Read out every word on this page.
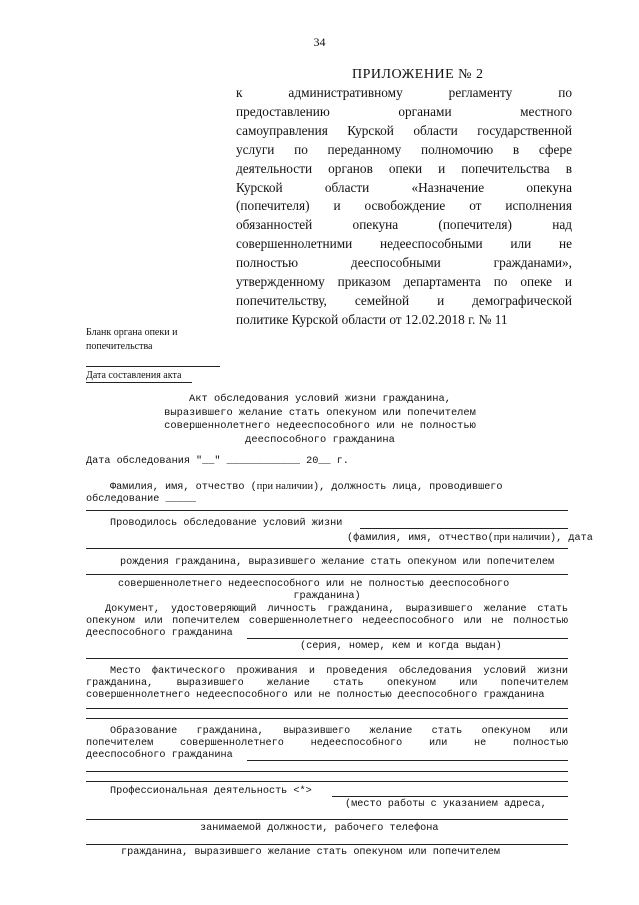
34
ПРИЛОЖЕНИЕ № 2
к административному регламенту по
предоставлению органами местного
самоуправления Курской области государственной
услуги по переданному полномочию в сфере
деятельности органов опеки и попечительства в
Курской области «Назначение опекуна
(попечителя) и освобождение от исполнения
обязанностей опекуна (попечителя) над
совершеннолетними недееспособными или не
полностью дееспособными гражданами»,
утвержденному приказом департамента по опеке и
попечительству, семейной и демографической
политике Курской области от 12.02.2018 г. № 11
Бланк органа опеки и
попечительства
Дата составления акта
Акт обследования условий жизни гражданина,
выразившего желание стать опекуном или попечителем
совершеннолетнего недееспособного или не полностью
дееспособного гражданина
Дата обследования "__" ____________ 20__ г.
Фамилия, имя, отчество (при наличии), должность лица, проводившего
обследование _____
Проводилось обследование условий жизни
(фамилия, имя, отчество(при наличии), дата
рождения гражданина, выразившего желание стать опекуном или попечителем
совершеннолетнего недееспособного или не полностью дееспособного
гражданина)
Документ, удостоверяющий личность гражданина, выразившего желание стать
опекуном или попечителем совершеннолетнего недееспособного или не полностью
дееспособного гражданина
(серия, номер, кем и когда выдан)
Место фактического проживания и проведения обследования условий жизни
гражданина, выразившего желание стать опекуном или попечителем
совершеннолетнего недееспособного или не полностью дееспособного гражданина
Образование гражданина, выразившего желание стать опекуном или
попечителем совершеннолетнего недееспособного или не полностью
дееспособного гражданина
Профессиональная деятельность <*>
(место работы с указанием адреса,
занимаемой должности, рабочего телефона
гражданина, выразившего желание стать опекуном или попечителем
